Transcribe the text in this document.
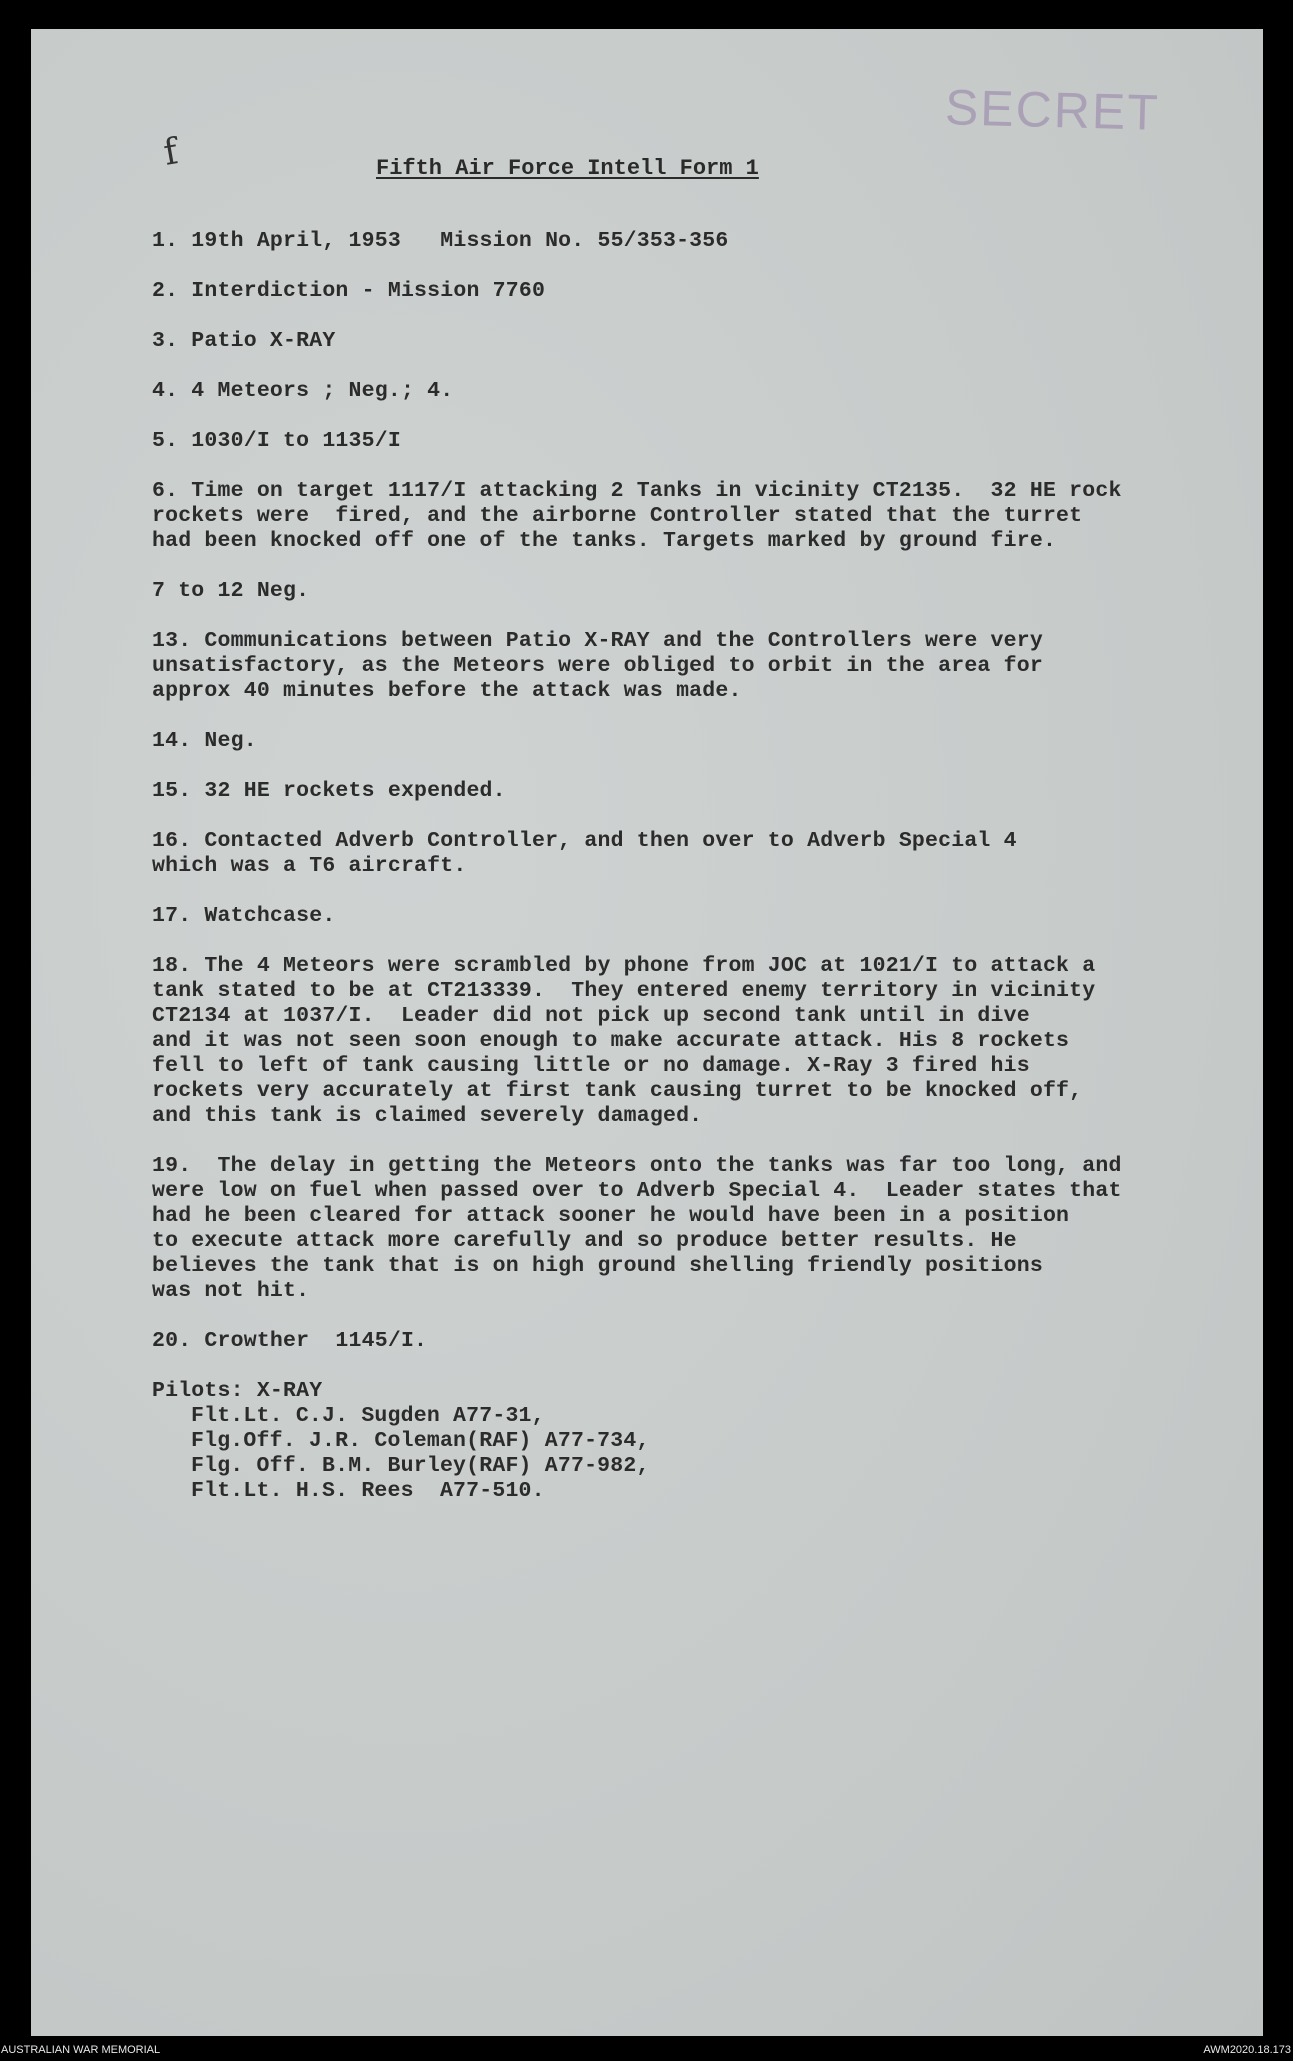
SECRET
f	Fifth Air Force Intell Form 1

1. 19th April, 1953   Mission No. 55/353-356

2. Interdiction - Mission 7760

3. Patio X-RAY

4. 4 Meteors ; Neg.; 4.

5. 1030/I to 1135/I

6. Time on target 1117/I attacking 2 Tanks in vicinity CT2135.  32 HE rock
rockets were  fired, and the airborne Controller stated that the turret
had been knocked off one of the tanks. Targets marked by ground fire.

7 to 12 Neg.

13. Communications between Patio X-RAY and the Controllers were very
unsatisfactory, as the Meteors were obliged to orbit in the area for
approx 40 minutes before the attack was made.

14. Neg.

15. 32 HE rockets expended.

16. Contacted Adverb Controller, and then over to Adverb Special 4
which was a T6 aircraft.

17. Watchcase.

18. The 4 Meteors were scrambled by phone from JOC at 1021/I to attack a
tank stated to be at CT213339.  They entered enemy territory in vicinity
CT2134 at 1037/I.  Leader did not pick up second tank until in dive
and it was not seen soon enough to make accurate attack. His 8 rockets
fell to left of tank causing little or no damage. X-Ray 3 fired his
rockets very accurately at first tank causing turret to be knocked off,
and this tank is claimed severely damaged.

19.  The delay in getting the Meteors onto the tanks was far too long, and
were low on fuel when passed over to Adverb Special 4.  Leader states that
had he been cleared for attack sooner he would have been in a position
to execute attack more carefully and so produce better results. He
believes the tank that is on high ground shelling friendly positions
was not hit.

20. Crowther  1145/I.

Pilots: X-RAY

Flt.Lt. C.J. Sugden A77-31,

Flg.Off. J.R. Coleman(RAF) A77-734,

Flg. Off. B.M. Burley(RAF) A77-982,

Flt.Lt. H.S. Rees  A77-510.

AUSTRALIAN WAR MEMORIAL	AWM2020.18.173
